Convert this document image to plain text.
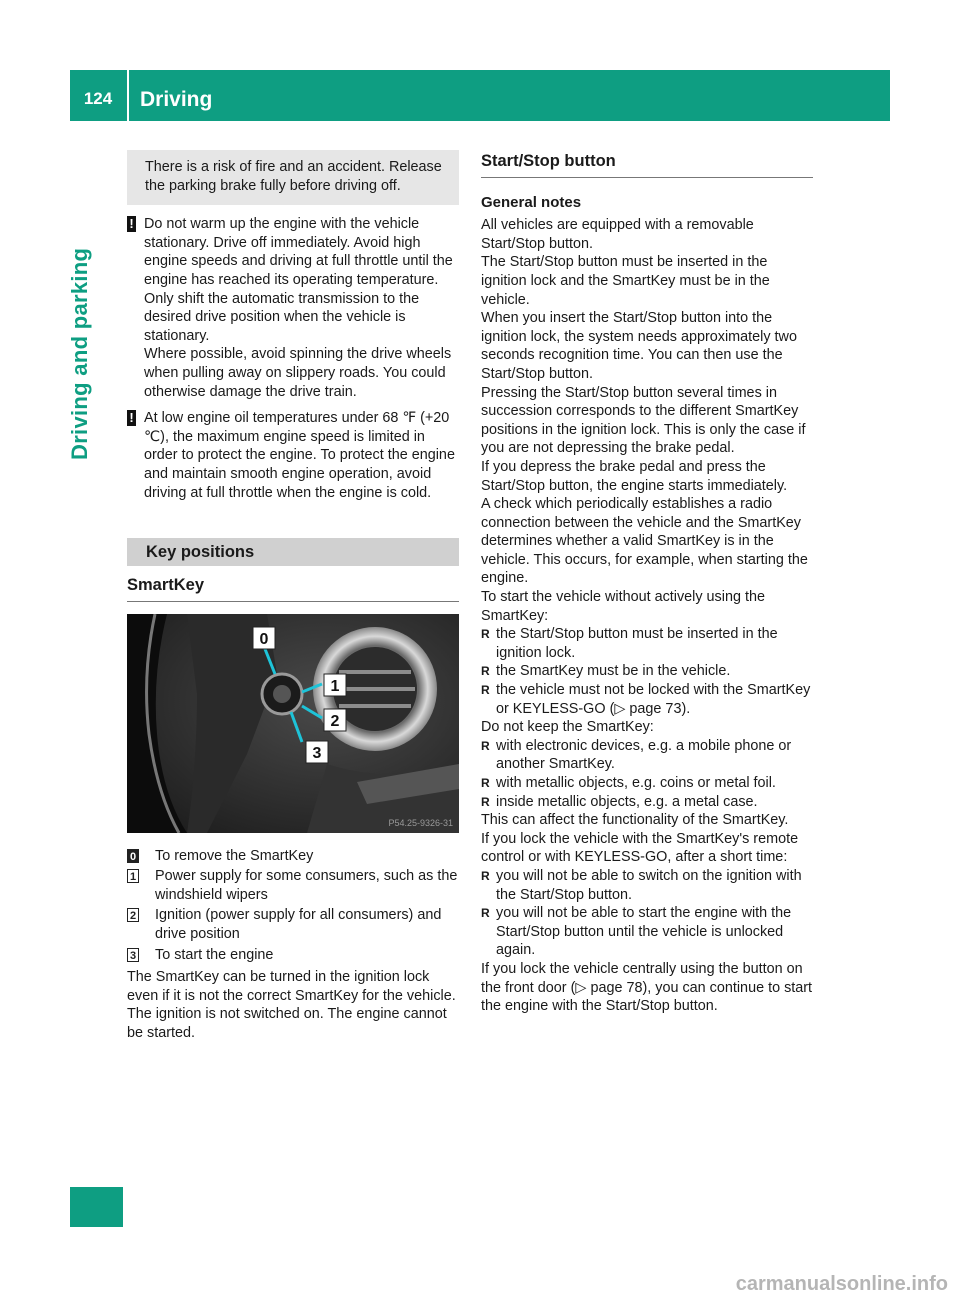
124	Driving
Driving and parking

There is a risk of fire and an accident. Release the parking brake fully before driving off.

! Do not warm up the engine with the vehicle stationary. Drive off immediately. Avoid high engine speeds and driving at full throttle until the engine has reached its operating temperature.

Only shift the automatic transmission to the desired drive position when the vehicle is stationary.

Where possible, avoid spinning the drive wheels when pulling away on slippery roads. You could otherwise damage the drive train.

! At low engine oil temperatures under 68 ℉ (+20 ℃), the maximum engine speed is limited in order to protect the engine. To protect the engine and maintain smooth engine operation, avoid driving at full throttle when the engine is cold.

Key positions
SmartKey
0
1
2
3
P54.25-9326-31
0 To remove the SmartKey
1 Power supply for some consumers, such as the windshield wipers
2 Ignition (power supply for all consumers) and drive position
3 To start the engine

The SmartKey can be turned in the ignition lock even if it is not the correct SmartKey for the vehicle. The ignition is not switched on. The engine cannot be started.

Start/Stop button
General notes

All vehicles are equipped with a removable Start/Stop button.

The Start/Stop button must be inserted in the ignition lock and the SmartKey must be in the vehicle.

When you insert the Start/Stop button into the ignition lock, the system needs approximately two seconds recognition time. You can then use the Start/Stop button.

Pressing the Start/Stop button several times in succession corresponds to the different SmartKey positions in the ignition lock. This is only the case if you are not depressing the brake pedal.

If you depress the brake pedal and press the Start/Stop button, the engine starts immediately.

A check which periodically establishes a radio connection between the vehicle and the SmartKey determines whether a valid SmartKey is in the vehicle. This occurs, for example, when starting the engine.

To start the vehicle without actively using the SmartKey:

R the Start/Stop button must be inserted in the ignition lock.
R the SmartKey must be in the vehicle.
R the vehicle must not be locked with the SmartKey or KEYLESS-GO (▷ page 73).

Do not keep the SmartKey:

R with electronic devices, e.g. a mobile phone or another SmartKey.
R with metallic objects, e.g. coins or metal foil.
R inside metallic objects, e.g. a metal case.

This can affect the functionality of the SmartKey.

If you lock the vehicle with the SmartKey's remote control or with KEYLESS-GO, after a short time:

R you will not be able to switch on the ignition with the Start/Stop button.
R you will not be able to start the engine with the Start/Stop button until the vehicle is unlocked again.

If you lock the vehicle centrally using the button on the front door (▷ page 78), you can continue to start the engine with the Start/Stop button.

carmanualsonline.info
